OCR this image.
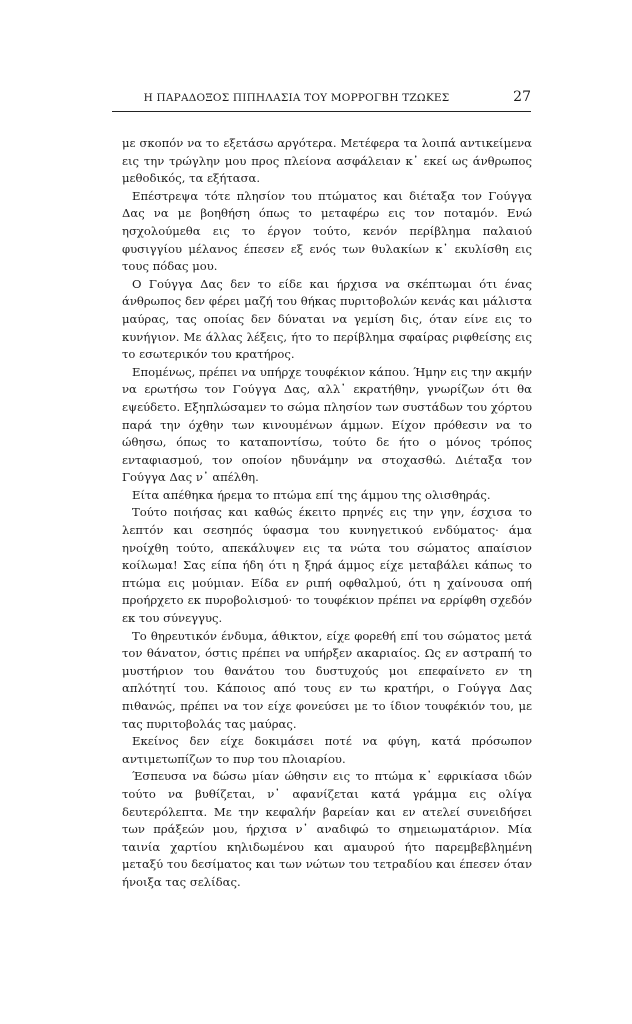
Η ΠΑΡΑΔΟΞΟΣ ΠΙΠΗΛΑΣΙΑ ΤΟΥ ΜΟΡΡΟΓΒΗ ΤΖΩΚΕΣ	27

με σκοπόν να το εξετάσω αργότερα. Μετέφερα τα λοιπά αντικείμενα εις την τρώγλην μου προς πλείονα ασφάλειαν κ᾿ εκεί ως άνθρωπος μεθοδικός, τα εξήτασα.

Επέστρεψα τότε πλησίον του πτώματος και διέταξα τον Γούγγα Δας να με βοηθήση όπως το μεταφέρω εις τον ποταμόν. Ενώ ησχολούμεθα εις το έργον τούτο, κενόν περίβλημα παλαιού φυσιγγίου μέλανος έπεσεν εξ ενός των θυλακίων κ᾿ εκυλίσθη εις τους πόδας μου.

Ο Γούγγα Δας δεν το είδε και ήρχισα να σκέπτωμαι ότι ένας άνθρωπος δεν φέρει μαζή του θήκας πυριτοβολών κενάς και μάλιστα μαύρας, τας οποίας δεν δύναται να γεμίση δις, όταν είνε εις το κυνήγιον. Με άλλας λέξεις, ήτο το περίβλημα σφαίρας ριφθείσης εις το εσωτερικόν του κρατήρος.

Επομένως, πρέπει να υπήρχε τουφέκιον κάπου. Ήμην εις την ακμήν να ερωτήσω τον Γούγγα Δας, αλλ᾿ εκρατήθην, γνωρίζων ότι θα εψεύδετο. Εξηπλώσαμεν το σώμα πλησίον των συστάδων του χόρτου παρά την όχθην των κινουμένων άμμων. Είχον πρόθεσιν να το ώθησω, όπως το καταποντίσω, τούτο δε ήτο ο μόνος τρόπος ενταφιασμού, τον οποίον ηδυνάμην να στοχασθώ. Διέταξα τον Γούγγα Δας ν᾿ απέλθη.

Είτα απέθηκα ήρεμα το πτώμα επί της άμμου της ολισθηράς.

Τούτο ποιήσας και καθώς έκειτο πρηνές εις την γην, έσχισα το λεπτόν και σεσηπός ύφασμα του κυνηγετικού ενδύματος· άμα ηνοίχθη τούτο, απεκάλυψεν εις τα νώτα του σώματος απαίσιον κοίλωμα! Σας είπα ήδη ότι η ξηρά άμμος είχε μεταβάλει κάπως το πτώμα εις μούμιαν. Είδα εν ριπή οφθαλμού, ότι η χαίνουσα οπή προήρχετο εκ πυροβολισμού· το τουφέκιον πρέπει να ερρίφθη σχεδόν εκ του σύνεγγυς.

Το θηρευτικόν ένδυμα, άθικτον, είχε φορεθή επί του σώματος μετά τον θάνατον, όστις πρέπει να υπήρξεν ακαριαίος. Ως εν αστραπή το μυστήριον του θανάτου του δυστυχούς μοι επεφαίνετο εν τη απλότητί του. Κάποιος από τους εν τω κρατήρι, ο Γούγγα Δας πιθανώς, πρέπει να τον είχε φονεύσει με το ίδιον τουφέκιόν του, με τας πυριτοβολάς τας μαύρας.

Εκείνος δεν είχε δοκιμάσει ποτέ να φύγη, κατά πρόσωπον αντιμετωπίζων το πυρ του πλοιαρίου.

Έσπευσα να δώσω μίαν ώθησιν εις το πτώμα κ᾿ εφρικίασα ιδών τούτο να βυθίζεται, ν᾿ αφανίζεται κατά γράμμα εις ολίγα δευτερόλεπτα. Με την κεφαλήν βαρείαν και εν ατελεί συνειδήσει των πράξεών μου, ήρχισα ν᾿ αναδιφώ το σημειωματάριον. Μία ταινία χαρτίου κηλιδωμένου και αμαυρού ήτο παρεμβεβλημένη μεταξύ του δεσίματος και των νώτων του τετραδίου και έπεσεν όταν ήνοιξα τας σελίδας.
